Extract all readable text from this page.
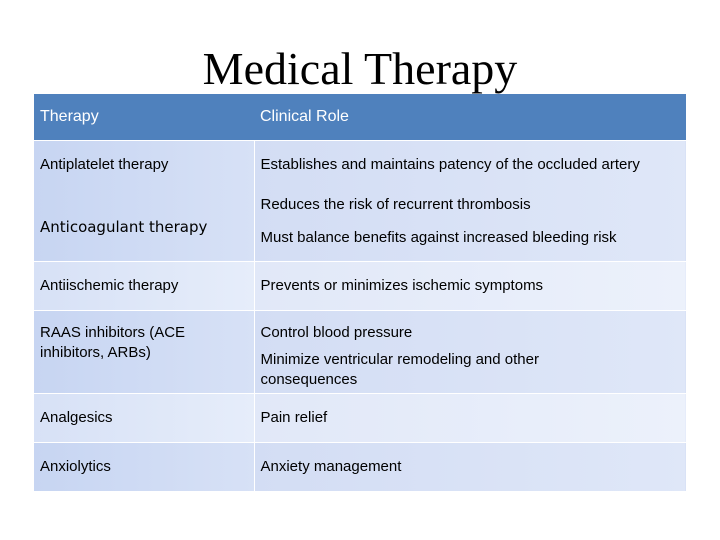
Medical Therapy
Therapy	Clinical Role

Antiplatelet therapy	Establishes and maintains patency of the occluded artery

Anticoagulant therapy	Reduces the risk of recurrent thrombosis
Must balance benefits against increased bleeding risk

Antiischemic therapy	Prevents or minimizes ischemic symptoms

RAAS inhibitors (ACE inhibitors, ARBs)	Control blood pressure
Minimize ventricular remodeling and other consequences

Analgesics	Pain relief

Anxiolytics	Anxiety management
